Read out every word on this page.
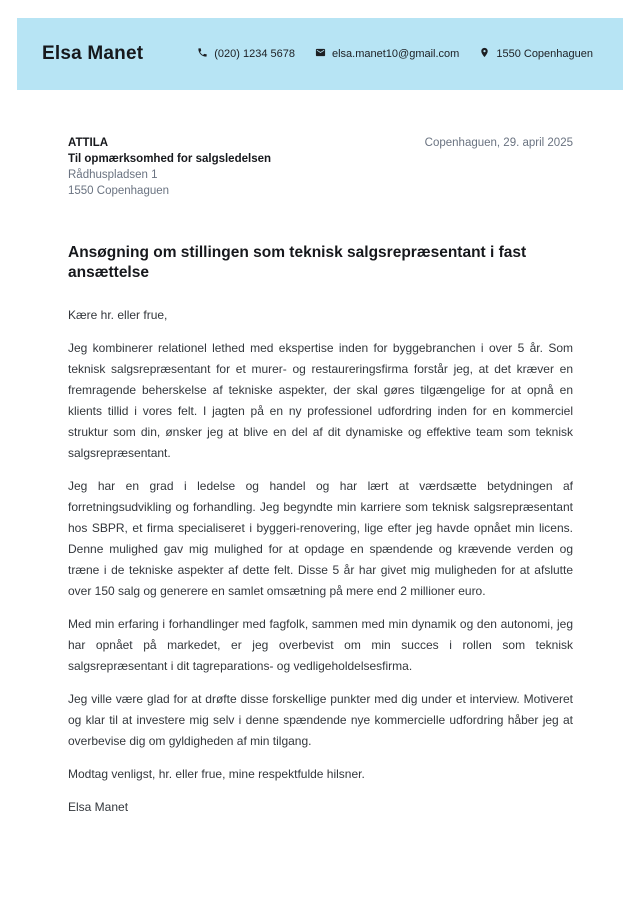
Elsa Manet	(020) 1234 5678	elsa.manet10@gmail.com	1550 Copenhaguen
ATTILA
Til opmærksomhed for salgsledelsen
Rådhuspladsen 1
1550 Copenhaguen
Copenhaguen, 29. april 2025
Ansøgning om stillingen som teknisk salgsrepræsentant i fast ansættelse

Kære hr. eller frue,

Jeg kombinerer relationel lethed med ekspertise inden for byggebranchen i over 5 år. Som teknisk salgsrepræsentant for et murer- og restaureringsfirma forstår jeg, at det kræver en fremragende beherskelse af tekniske aspekter, der skal gøres tilgængelige for at opnå en klients tillid i vores felt. I jagten på en ny professionel udfordring inden for en kommerciel struktur som din, ønsker jeg at blive en del af dit dynamiske og effektive team som teknisk salgsrepræsentant.

Jeg har en grad i ledelse og handel og har lært at værdsætte betydningen af forretningsudvikling og forhandling. Jeg begyndte min karriere som teknisk salgsrepræsentant hos SBPR, et firma specialiseret i byggeri-renovering, lige efter jeg havde opnået min licens. Denne mulighed gav mig mulighed for at opdage en spændende og krævende verden og træne i de tekniske aspekter af dette felt. Disse 5 år har givet mig muligheden for at afslutte over 150 salg og generere en samlet omsætning på mere end 2 millioner euro.

Med min erfaring i forhandlinger med fagfolk, sammen med min dynamik og den autonomi, jeg har opnået på markedet, er jeg overbevist om min succes i rollen som teknisk salgsrepræsentant i dit tagreparations- og vedligeholdelsesfirma.

Jeg ville være glad for at drøfte disse forskellige punkter med dig under et interview. Motiveret og klar til at investere mig selv i denne spændende nye kommercielle udfordring håber jeg at overbevise dig om gyldigheden af min tilgang.

Modtag venligst, hr. eller frue, mine respektfulde hilsner.

Elsa Manet
